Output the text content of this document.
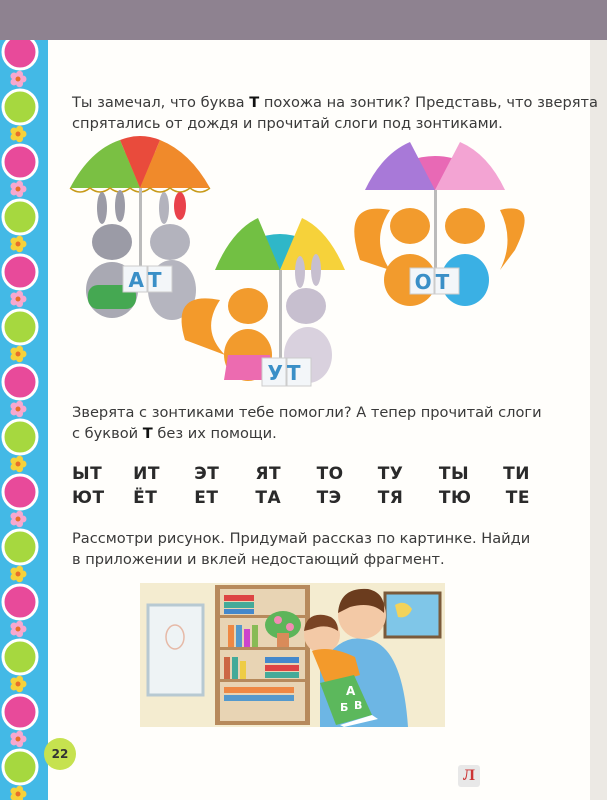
Ты замечал, что буква Т похожа на зонтик? Представь, что зверята

спрятались от дождя и прочитай слоги под зонтиками.

АТ	ОТ
УТ

Зверята с зонтиками тебе помогли? А тепер прочитай слоги

с буквой Т без их помощи.

ЫТ	ИТ	ЭТ	ЯТ	ТО	ТУ	ТЫ	ТИ
ЮТ	ЁТ	ЕТ	ТА	ТЭ	ТЯ	ТЮ	ТЕ

Рассмотри рисунок. Придумай рассказ по картинке. Найди

в приложении и вклей недостающий фрагмент.

А
Б В
22
Л
